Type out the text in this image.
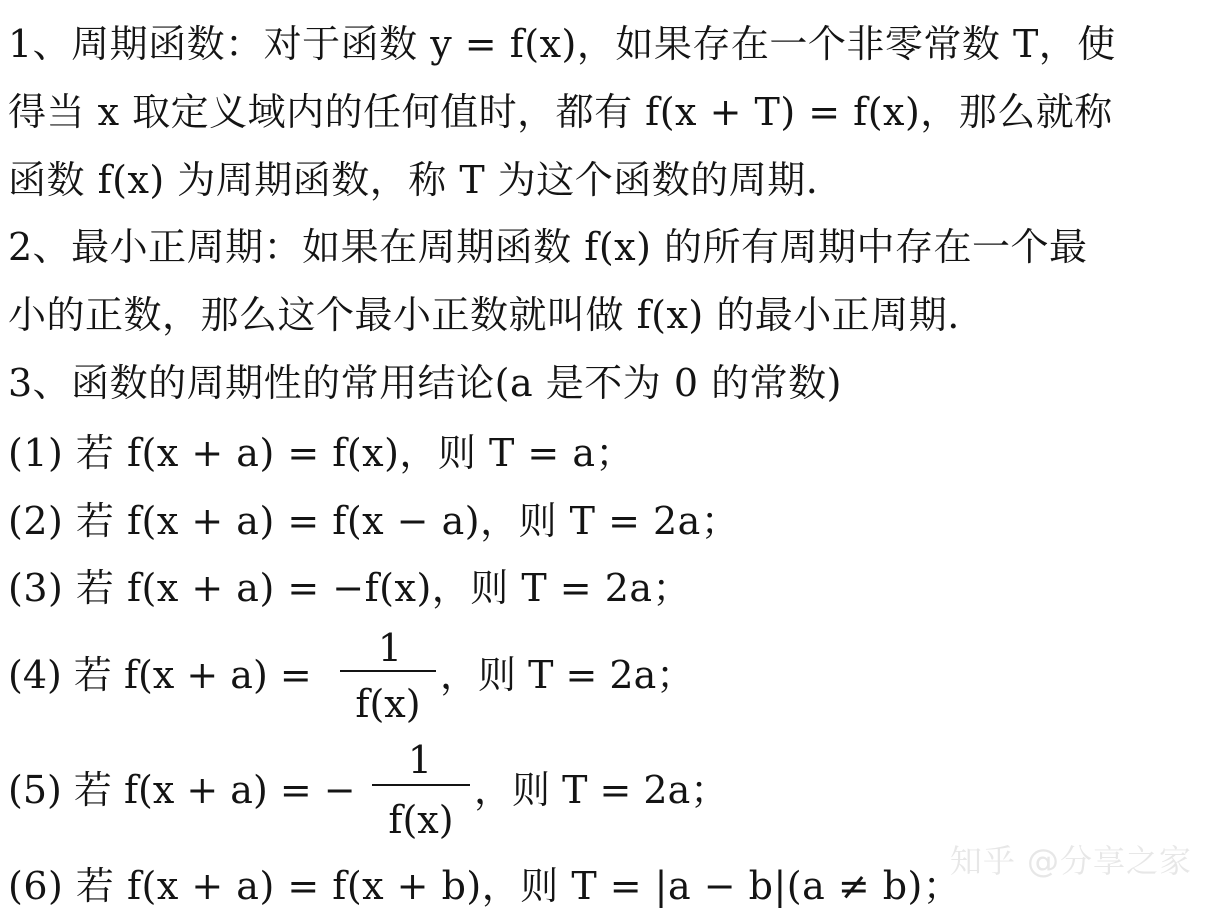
1、周期函数：对于函数 y = f(x)，如果存在一个非零常数 T，使
得当 x 取定义域内的任何值时，都有 f(x + T) = f(x)，那么就称
函数 f(x) 为周期函数，称 T 为这个函数的周期.
2、最小正周期：如果在周期函数 f(x) 的所有周期中存在一个最
小的正数，那么这个最小正数就叫做 f(x) 的最小正周期.
3、函数的周期性的常用结论(a 是不为 0 的常数)
(1) 若 f(x + a) = f(x)，则 T = a；
(2) 若 f(x + a) = f(x − a)，则 T = 2a；
(3) 若 f(x + a) = −f(x)，则 T = 2a；
(4) 若 f(x + a) =
1
f(x)
，则 T = 2a；
(5) 若 f(x + a) = −
1
f(x)
，则 T = 2a；
(6) 若 f(x + a) = f(x + b)，则 T = |a − b|(a ≠ b)；
知乎 @分享之家
